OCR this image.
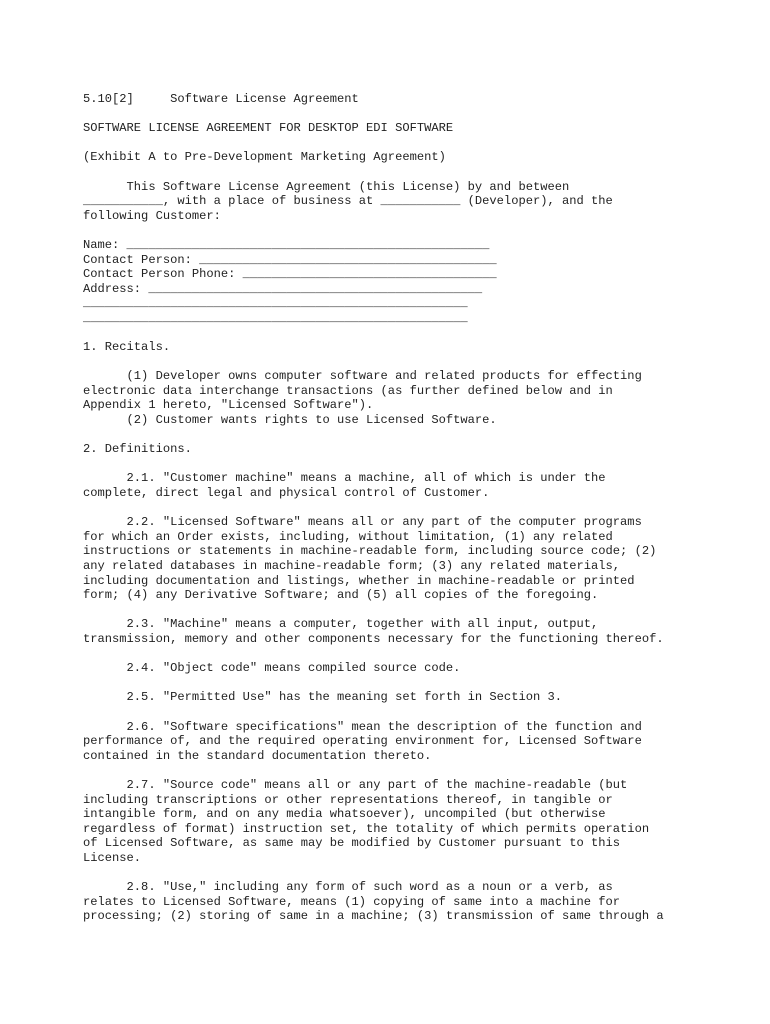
5.10[2]     Software License Agreement
SOFTWARE LICENSE AGREEMENT FOR DESKTOP EDI SOFTWARE
(Exhibit A to Pre-Development Marketing Agreement)
This Software License Agreement (this License) by and between
___________, with a place of business at ___________ (Developer), and the
following Customer:
Name: __________________________________________________
Contact Person: _________________________________________
Contact Person Phone: ___________________________________
Address: ______________________________________________
_____________________________________________________
_____________________________________________________
1. Recitals.
(1) Developer owns computer software and related products for effecting
electronic data interchange transactions (as further defined below and in
Appendix 1 hereto, "Licensed Software").
(2) Customer wants rights to use Licensed Software.
2. Definitions.
2.1. "Customer machine" means a machine, all of which is under the
complete, direct legal and physical control of Customer.
2.2. "Licensed Software" means all or any part of the computer programs
for which an Order exists, including, without limitation, (1) any related
instructions or statements in machine-readable form, including source code; (2)
any related databases in machine-readable form; (3) any related materials,
including documentation and listings, whether in machine-readable or printed
form; (4) any Derivative Software; and (5) all copies of the foregoing.
2.3. "Machine" means a computer, together with all input, output,
transmission, memory and other components necessary for the functioning thereof.
2.4. "Object code" means compiled source code.
2.5. "Permitted Use" has the meaning set forth in Section 3.
2.6. "Software specifications" mean the description of the function and
performance of, and the required operating environment for, Licensed Software
contained in the standard documentation thereto.
2.7. "Source code" means all or any part of the machine-readable (but
including transcriptions or other representations thereof, in tangible or
intangible form, and on any media whatsoever), uncompiled (but otherwise
regardless of format) instruction set, the totality of which permits operation
of Licensed Software, as same may be modified by Customer pursuant to this
License.
2.8. "Use," including any form of such word as a noun or a verb, as
relates to Licensed Software, means (1) copying of same into a machine for
processing; (2) storing of same in a machine; (3) transmission of same through a
